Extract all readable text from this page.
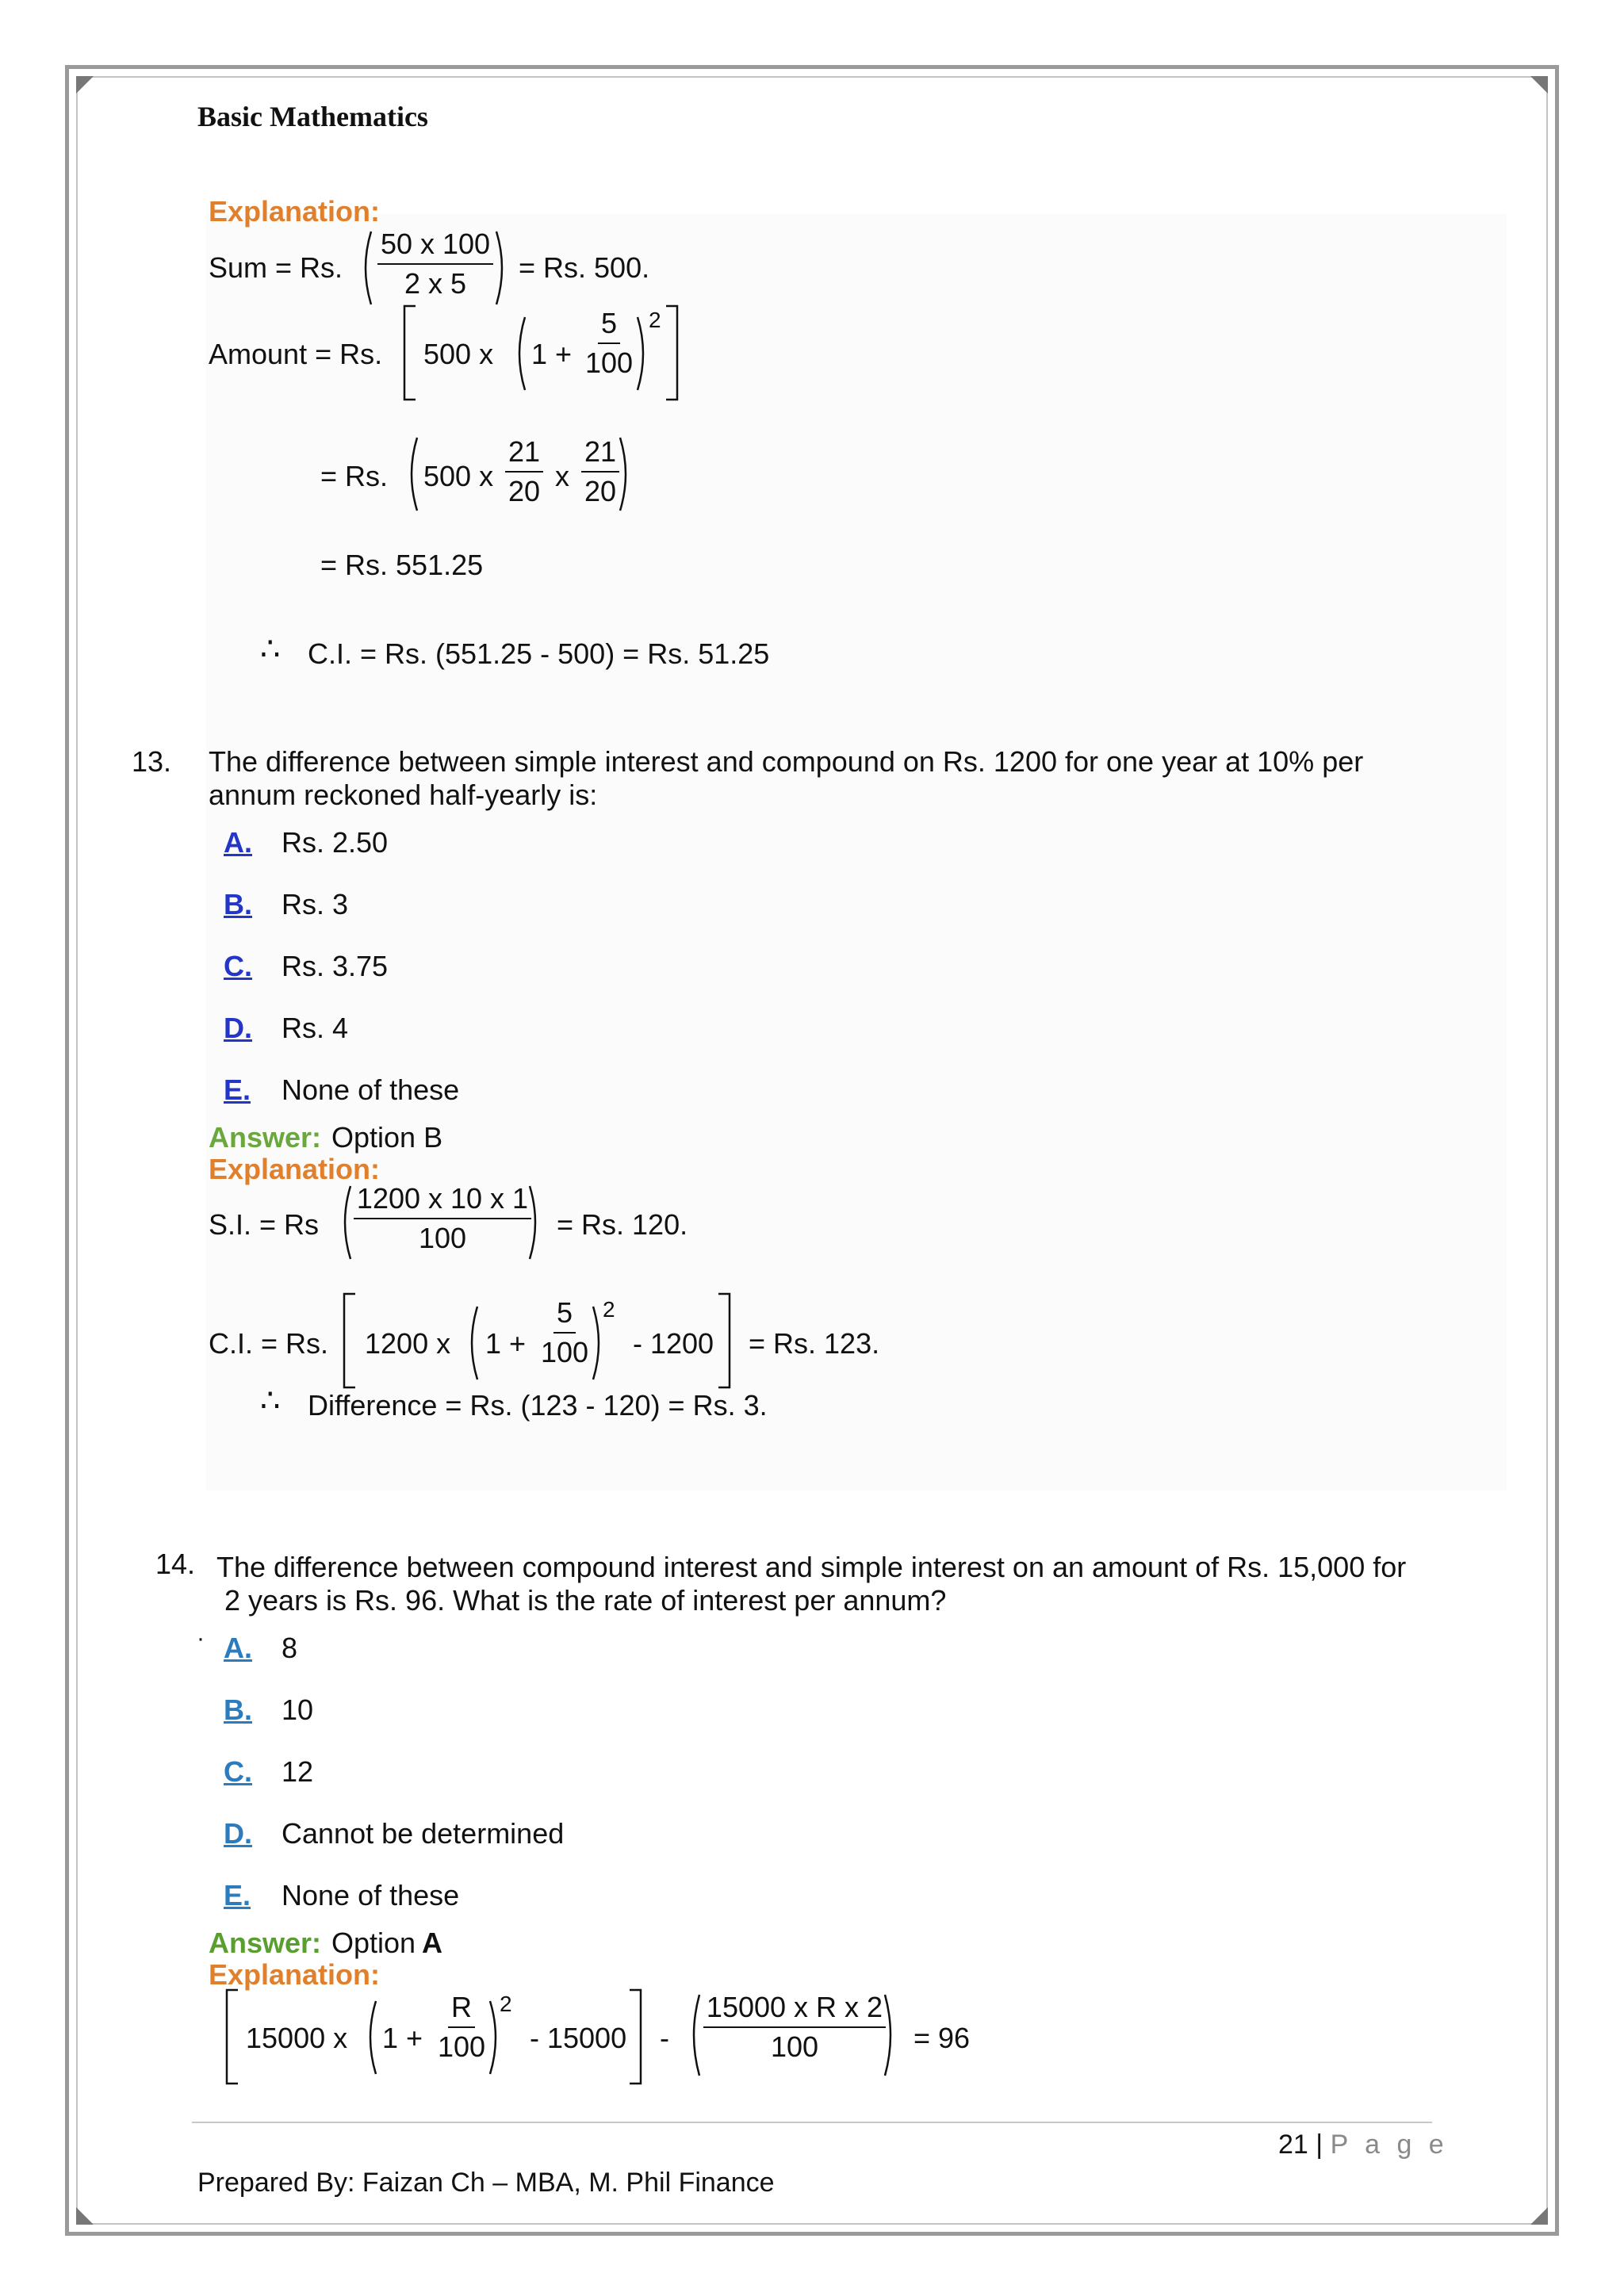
Basic Mathematics
Explanation:
Sum = Rs. $\frac{50 x 100}{2 x 5} = Rs$. 500.
Amount = Rs. 500 x $1 + \frac{5}{100} 2$
= Rs. 500 x $\frac{21}{20}$ x $\frac{21}{20}$
= Rs. 551.25
∴ C.I. = Rs. (551.25 - 500) = Rs. 51.25
13. The difference between simple interest and compound on Rs. 1200 for one year at 10% per
annum reckoned half-yearly is:
A. Rs. 2.50
B. Rs. 3
C. Rs. 3.75
D. Rs. 4
E. None of these
Answer: Option B
Explanation:
S.I. = Rs $\frac{1200 x 10 x 1}{100} = Rs$. 120.
C.I. = Rs. 1200 x $1 + \frac{5}{100} 2$
- 1200 = Rs. 123.
∴ Difference = Rs. (123 - 120) = Rs. 3.
14. The difference between compound interest and simple interest on an amount of Rs. 15,000 for
2 years is Rs. 96. What is the rate of interest per annum?
· A. 8
B. 10
C. 12
D. Cannot be determined
E. None of these
Answer: Option A
Explanation:
15000 x $1 + \frac{R}{100} 2$
- $15000 - \frac{\text{15000 x R x 2}}{100} = 96$
21 | P a g e
Prepared By: Faizan Ch – MBA, M. Phil Finance
